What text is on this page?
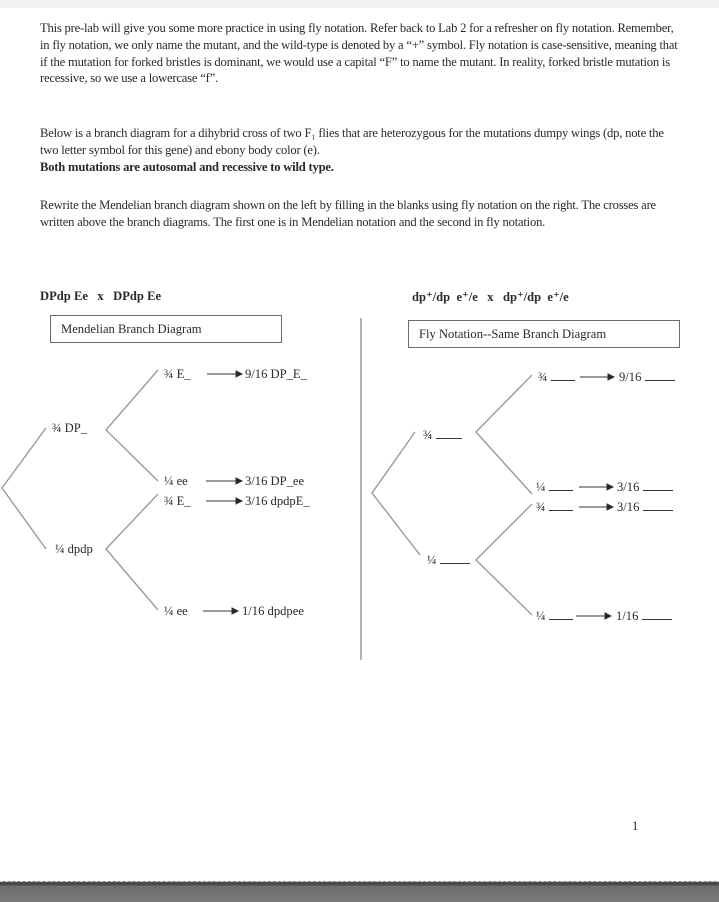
This pre-lab will give you some more practice in using fly notation. Refer back to Lab 2 for a refresher on fly notation. Remember, in fly notation, we only name the mutant, and the wild-type is denoted by a “+” symbol. Fly notation is case-sensitive, meaning that if the mutation for forked bristles is dominant, we would use a capital “F” to name the mutant. In reality, forked bristle mutation is recessive, so we use a lowercase “f”.

Below is a branch diagram for a dihybrid cross of two F₁ flies that are heterozygous for the mutations dumpy wings (dp, note the two letter symbol for this gene) and ebony body color (e).
Both mutations are autosomal and recessive to wild type.

Rewrite the Mendelian branch diagram shown on the left by filling in the blanks using fly notation on the right. The crosses are written above the branch diagrams. The first one is in Mendelian notation and the second in fly notation.

DPdp Ee   x   DPdp Ee	dp⁺/dp  e⁺/e   x   dp⁺/dp  e⁺/e
Mendelian Branch Diagram	Fly Notation--Same Branch Diagram
¾ DP_
¼ dpdp
¾ E_	9/16 DP_E_
¼ ee	3/16 DP_ee
¾ E_	3/16 dpdpE_
¼ ee	1/16 dpdpee
¾
¼
¾	9/16
¼	3/16
¾	3/16
¼	1/16
1
